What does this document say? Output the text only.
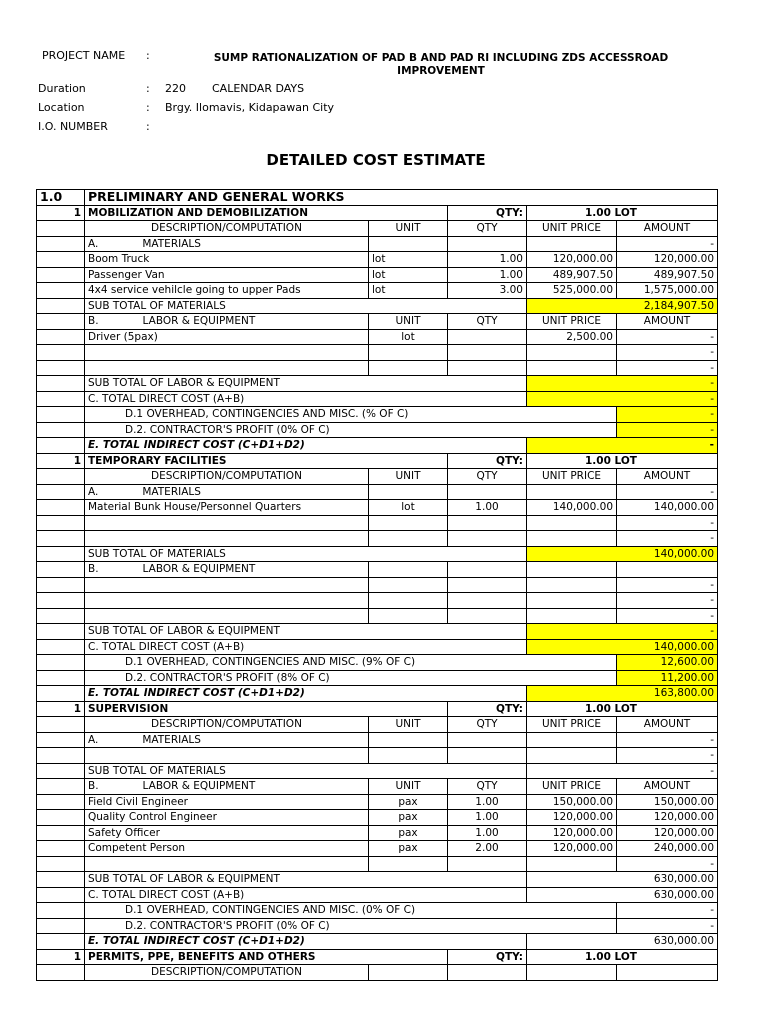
PROJECT NAME :	SUMP RATIONALIZATION OF PAD B AND PAD RI INCLUDING ZDS ACCESSROAD
IMPROVEMENT
Duration	: 220 CALENDAR DAYS
Location	: Brgy. Ilomavis, Kidapawan City
I.O. NUMBER	:
DETAILED COST ESTIMATE
1.0	PRELIMINARY AND GENERAL WORKS				
1	MOBILIZATION AND DEMOBILIZATION		QTY:	1.00 LOT	
	DESCRIPTION/COMPUTATION	UNIT	QTY	UNIT PRICE	AMOUNT
	A. MATERIALS				-
	Boom Truck	lot	1.00	120,000.00	120,000.00
	Passenger Van	lot	1.00	489,907.50	489,907.50
	4x4 service vehilcle going to upper Pads	lot	3.00	525,000.00	1,575,000.00
	SUB TOTAL OF MATERIALS			2,184,907.50	
	B. LABOR & EQUIPMENT	UNIT	QTY	UNIT PRICE	AMOUNT
	Driver (5pax)	lot		2,500.00	-
					-
					-
	SUB TOTAL OF LABOR & EQUIPMENT			-	
	C. TOTAL DIRECT COST (A+B)			-	
	D.1 OVERHEAD, CONTINGENCIES AND MISC. (% OF C)				-
	D.2. CONTRACTOR'S PROFIT (0% OF C)				-
	E. TOTAL INDIRECT COST (C+D1+D2)			-	
1	TEMPORARY FACILITIES		QTY:	1.00 LOT	
	DESCRIPTION/COMPUTATION	UNIT	QTY	UNIT PRICE	AMOUNT
	A. MATERIALS				-
	Material Bunk House/Personnel Quarters	lot	1.00	140,000.00	140,000.00
					-
					-
	SUB TOTAL OF MATERIALS			140,000.00	
	B. LABOR & EQUIPMENT				
					-
					-
					-
	SUB TOTAL OF LABOR & EQUIPMENT			-	
	C. TOTAL DIRECT COST (A+B)			140,000.00	
	D.1 OVERHEAD, CONTINGENCIES AND MISC. (9% OF C)				12,600.00
	D.2. CONTRACTOR'S PROFIT (8% OF C)				11,200.00
	E. TOTAL INDIRECT COST (C+D1+D2)			163,800.00	
1	SUPERVISION		QTY:	1.00 LOT	
	DESCRIPTION/COMPUTATION	UNIT	QTY	UNIT PRICE	AMOUNT
	A. MATERIALS				-
					-
	SUB TOTAL OF MATERIALS			-	
	B. LABOR & EQUIPMENT	UNIT	QTY	UNIT PRICE	AMOUNT
	Field Civil Engineer	pax	1.00	150,000.00	150,000.00
	Quality Control Engineer	pax	1.00	120,000.00	120,000.00
	Safety Officer	pax	1.00	120,000.00	120,000.00
	Competent Person	pax	2.00	120,000.00	240,000.00
					-
	SUB TOTAL OF LABOR & EQUIPMENT			630,000.00	
	C. TOTAL DIRECT COST (A+B)			630,000.00	
	D.1 OVERHEAD, CONTINGENCIES AND MISC. (0% OF C)				-
	D.2. CONTRACTOR'S PROFIT (0% OF C)				-
	E. TOTAL INDIRECT COST (C+D1+D2)			630,000.00	
1	PERMITS, PPE, BENEFITS AND OTHERS		QTY:	1.00 LOT	
	DESCRIPTION/COMPUTATION				
